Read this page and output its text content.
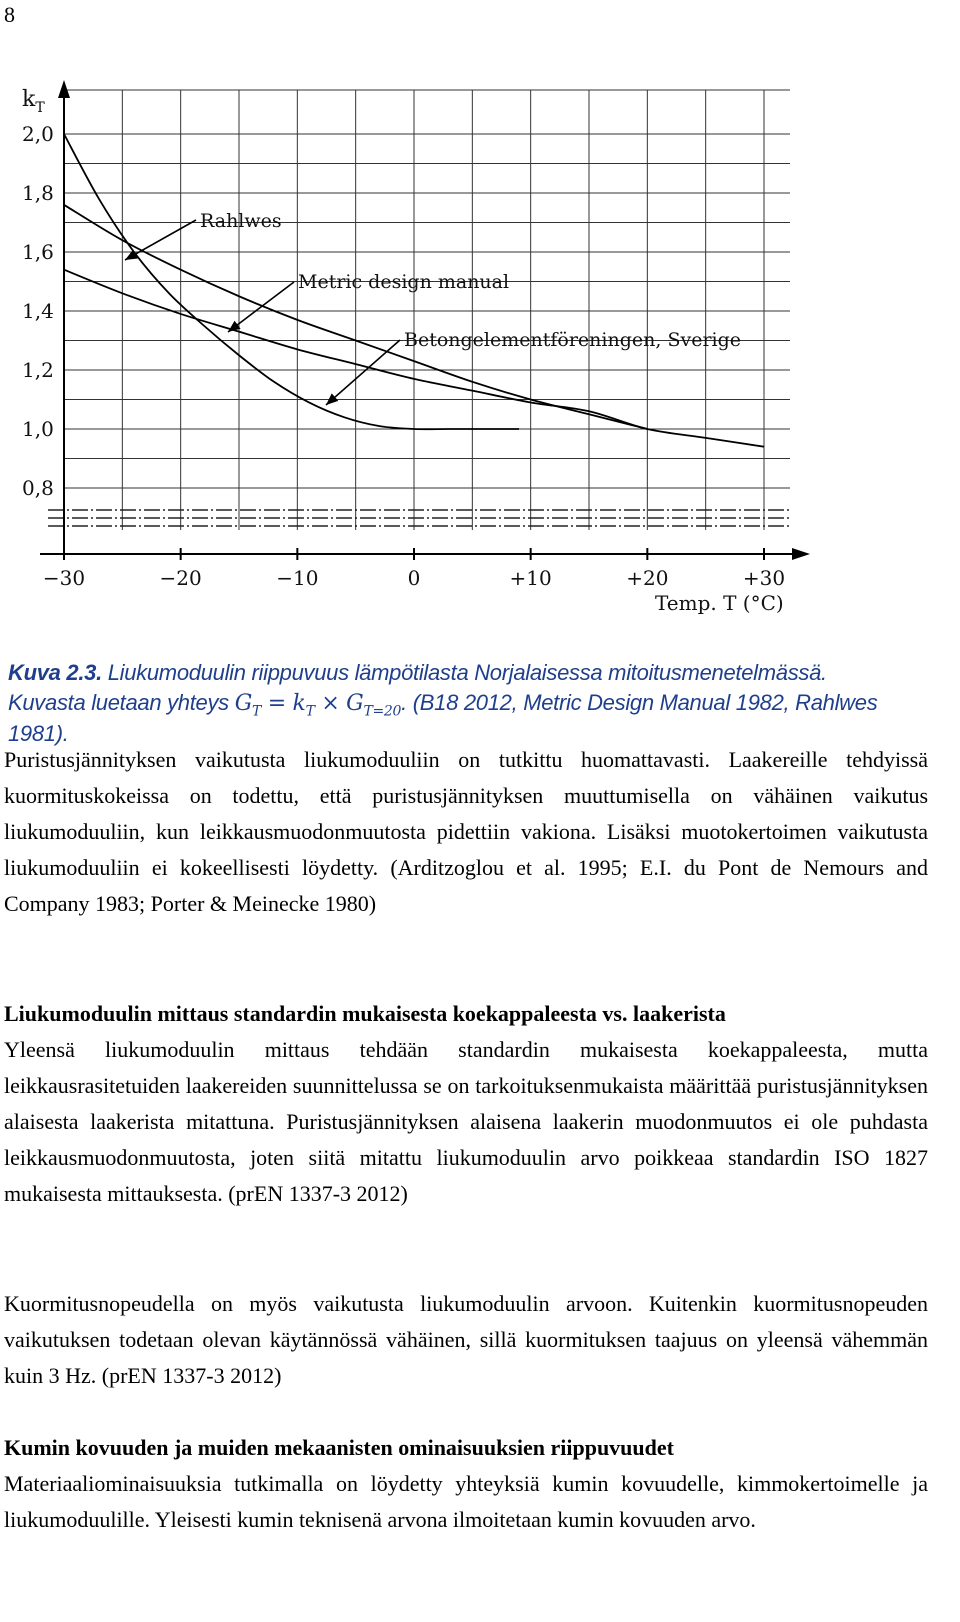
8
−30	−20	−10	0	+10	+20	+30
0,8
1,0
1,2
1,4
1,6
1,8
2,0
Rahlwes
Metric design manual
Betongelementföreningen, Sverige
$k_T$
Temp. T (°C)
Kuva 2.3. Liukumoduulin riippuvuus lämpötilasta Norjalaisessa mitoitusmenetelmässä. Kuvasta luetaan yhteys $G_T = k_T \times G_{T=20}$. (B18 2012, Metric Design Manual 1982, Rahlwes 1981).

Puristusjännityksen vaikutusta liukumoduuliin on tutkittu huomattavasti. Laakereille tehdyissä kuormituskokeissa on todettu, että puristusjännityksen muuttumisella on vähäinen vaikutus liukumoduuliin, kun leikkausmuodonmuutosta pidettiin vakiona. Lisäksi muotokertoimen vaikutusta liukumoduuliin ei kokeellisesti löydetty. (Arditzoglou et al. 1995; E.I. du Pont de Nemours and Company 1983; Porter & Meinecke 1980)

Liukumoduulin mittaus standardin mukaisesta koekappaleesta vs. laakerista

Yleensä liukumoduulin mittaus tehdään standardin mukaisesta koekappaleesta, mutta leikkausrasitetuiden laakereiden suunnittelussa se on tarkoituksenmukaista määrittää puristusjännityksen alaisesta laakerista mitattuna. Puristusjännityksen alaisena laakerin muodonmuutos ei ole puhdasta leikkausmuodonmuutosta, joten siitä mitattu liukumoduulin arvo poikkeaa standardin ISO 1827 mukaisesta mittauksesta. (prEN 1337-3 2012)

Kuormitusnopeudella on myös vaikutusta liukumoduulin arvoon. Kuitenkin kuormitusnopeuden vaikutuksen todetaan olevan käytännössä vähäinen, sillä kuormituksen taajuus on yleensä vähemmän kuin 3 Hz. (prEN 1337-3 2012)

Kumin kovuuden ja muiden mekaanisten ominaisuuksien riippuvuudet

Materiaaliominaisuuksia tutkimalla on löydetty yhteyksiä kumin kovuudelle, kimmokertoimelle ja liukumoduulille. Yleisesti kumin teknisenä arvona ilmoitetaan kumin kovuuden arvo.
